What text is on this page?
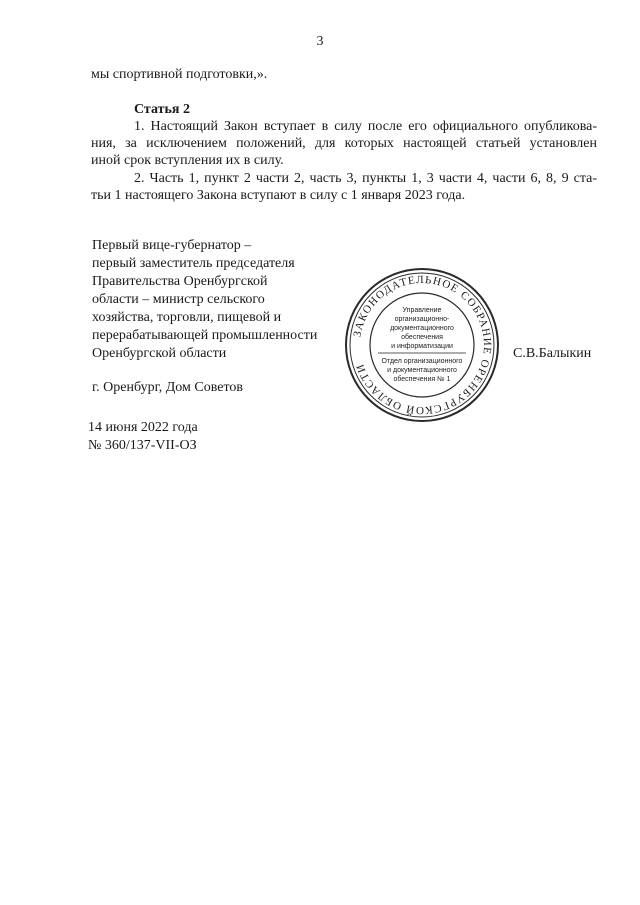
3
мы спортивной подготовки,».
Статья 2
1. Настоящий Закон вступает в силу после его официального опубликова-
ния, за исключением положений, для которых настоящей статьей установлен
иной срок вступления их в силу.
2. Часть 1, пункт 2 части 2, часть 3, пункты 1, 3 части 4, части 6, 8, 9 ста-
тьи 1 настоящего Закона вступают в силу с 1 января 2023 года.
Первый вице-губернатор –
первый заместитель председателя
Правительства Оренбургской
области – министр сельского
хозяйства, торговли, пищевой и
перерабатывающей промышленности
Оренбургской области	С.В.Балыкин
г. Оренбург, Дом Советов
14 июня 2022 года
№ 360/137-VII-ОЗ
ЗАКОНОДАТЕЛЬНОЕ СОБРАНИЕ ОРЕНБУРГСКОЙ ОБЛАСТИ
Управление
организационно-
документационного
обеспечения
и информатизации
Отдел организационного
и документационного
обеспечения № 1
